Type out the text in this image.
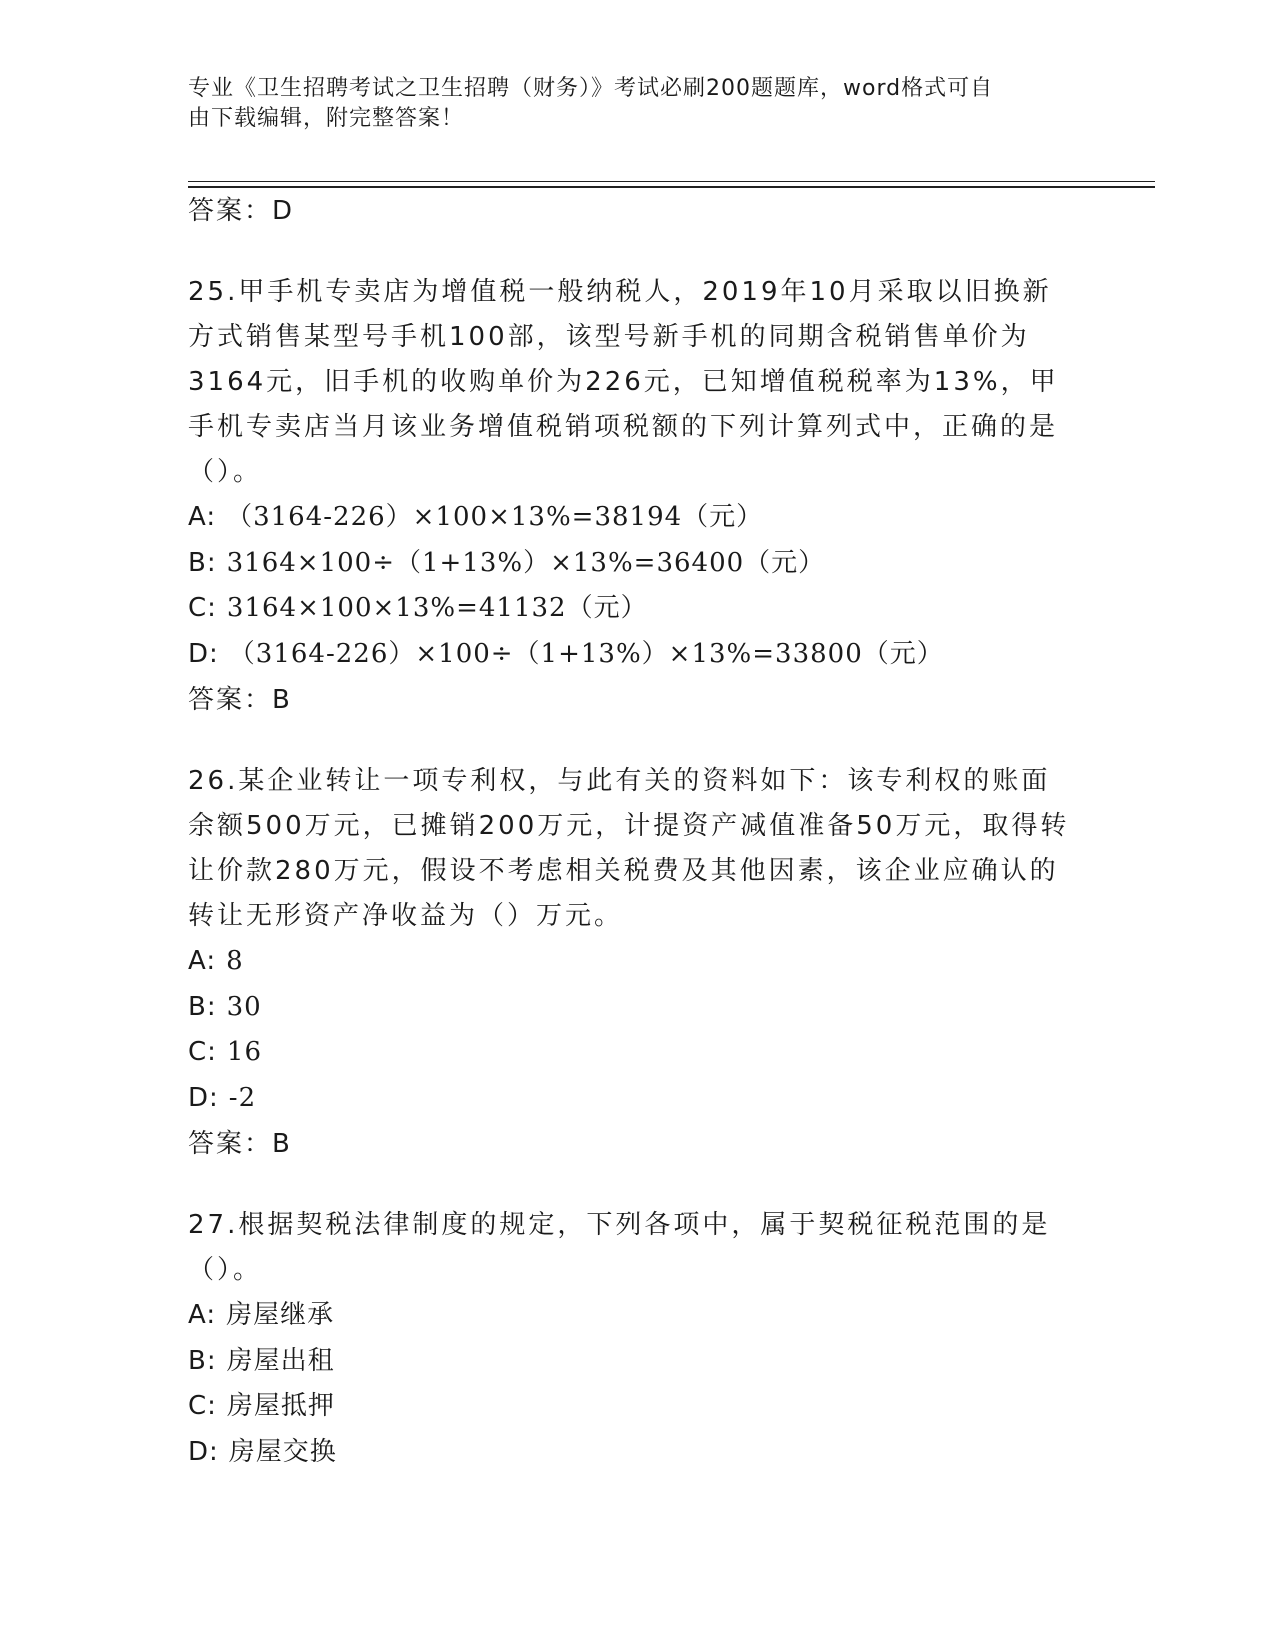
专业《卫生招聘考试之卫生招聘（财务）》考试必刷200题题库，word格式可自
由下载编辑，附完整答案！
答案：D
25.甲手机专卖店为增值税一般纳税人，2019年10月采取以旧换新方式销售某型号手机100部，该型号新手机的同期含税销售单价为3164元，旧手机的收购单价为226元，已知增值税税率为13%，甲手机专卖店当月该业务增值税销项税额的下列计算列式中，正确的是（）。
A: （3164-226）×100×13%=38194（元）
B: 3164×100÷（1+13%）×13%=36400（元）
C: 3164×100×13%=41132（元）
D: （3164-226）×100÷（1+13%）×13%=33800（元）
答案：B
26.某企业转让一项专利权，与此有关的资料如下：该专利权的账面余额500万元，已摊销200万元，计提资产减值准备50万元，取得转让价款280万元，假设不考虑相关税费及其他因素，该企业应确认的转让无形资产净收益为（）万元。
A: 8
B: 30
C: 16
D: -2
答案：B
27.根据契税法律制度的规定，下列各项中，属于契税征税范围的是（）。
A: 房屋继承
B: 房屋出租
C: 房屋抵押
D: 房屋交换
